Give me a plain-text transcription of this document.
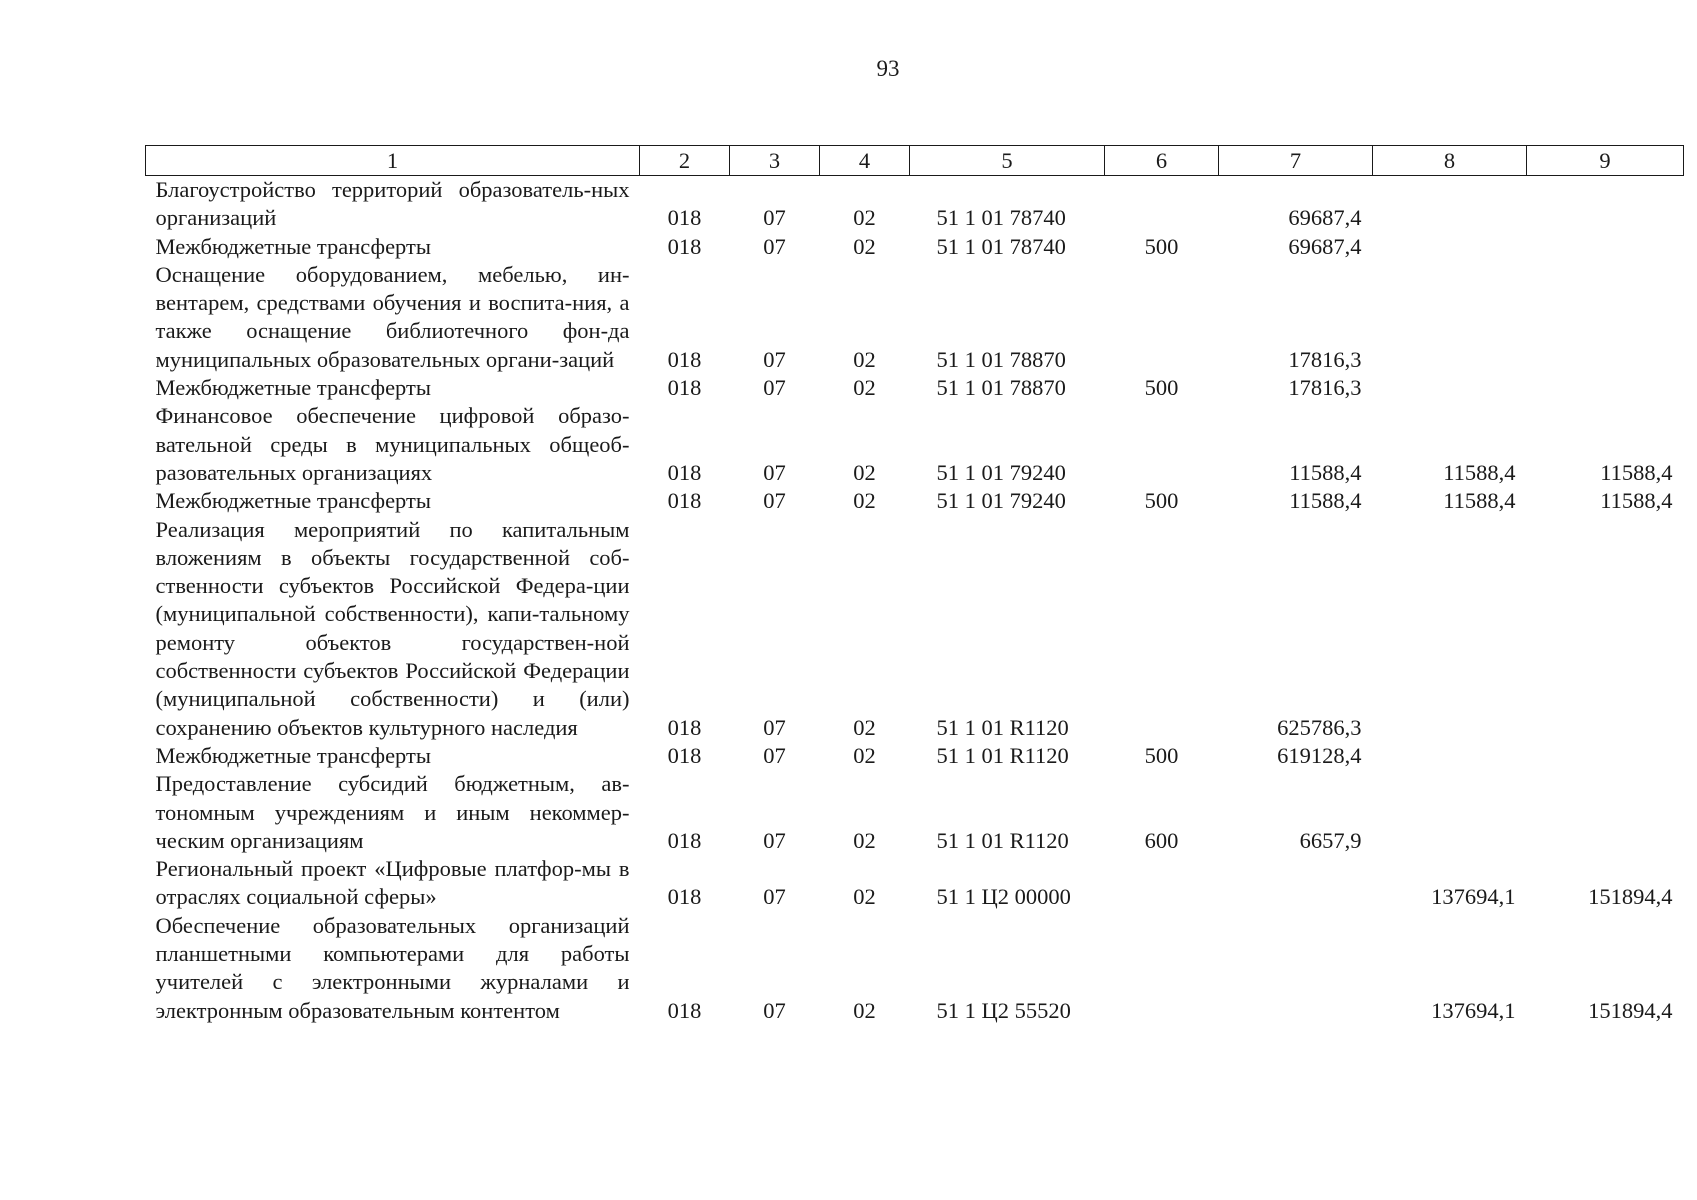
93
1	2	3	4	5	6	7	8	9
Благоустройство территорий образователь-ных организаций	018	07	02	51 1 01 78740		69687,4		
Межбюджетные трансферты	018	07	02	51 1 01 78740	500	69687,4		
Оснащение оборудованием, мебелью, ин-вентарем, средствами обучения и воспита-ния, а также оснащение библиотечного фон-да муниципальных образовательных органи-заций	018	07	02	51 1 01 78870		17816,3		
Межбюджетные трансферты	018	07	02	51 1 01 78870	500	17816,3		
Финансовое обеспечение цифровой образо-вательной среды в муниципальных общеоб-разовательных организациях	018	07	02	51 1 01 79240		11588,4	11588,4	11588,4
Межбюджетные трансферты	018	07	02	51 1 01 79240	500	11588,4	11588,4	11588,4
Реализация мероприятий по капитальным вложениям в объекты государственной соб-ственности субъектов Российской Федера-ции (муниципальной собственности), капи-тальному ремонту объектов государствен-ной собственности субъектов Российской Федерации (муниципальной собственности) и (или) сохранению объектов культурного наследия	018	07	02	51 1 01 R1120		625786,3		
Межбюджетные трансферты	018	07	02	51 1 01 R1120	500	619128,4		
Предоставление субсидий бюджетным, ав-тономным учреждениям и иным некоммер-ческим организациям	018	07	02	51 1 01 R1120	600	6657,9		
Региональный проект «Цифровые платфор-мы в отраслях социальной сферы»	018	07	02	51 1 Ц2 00000			137694,1	151894,4
Обеспечение образовательных организаций планшетными компьютерами для работы учителей с электронными журналами и электронным образовательным контентом	018	07	02	51 1 Ц2 55520			137694,1	151894,4
